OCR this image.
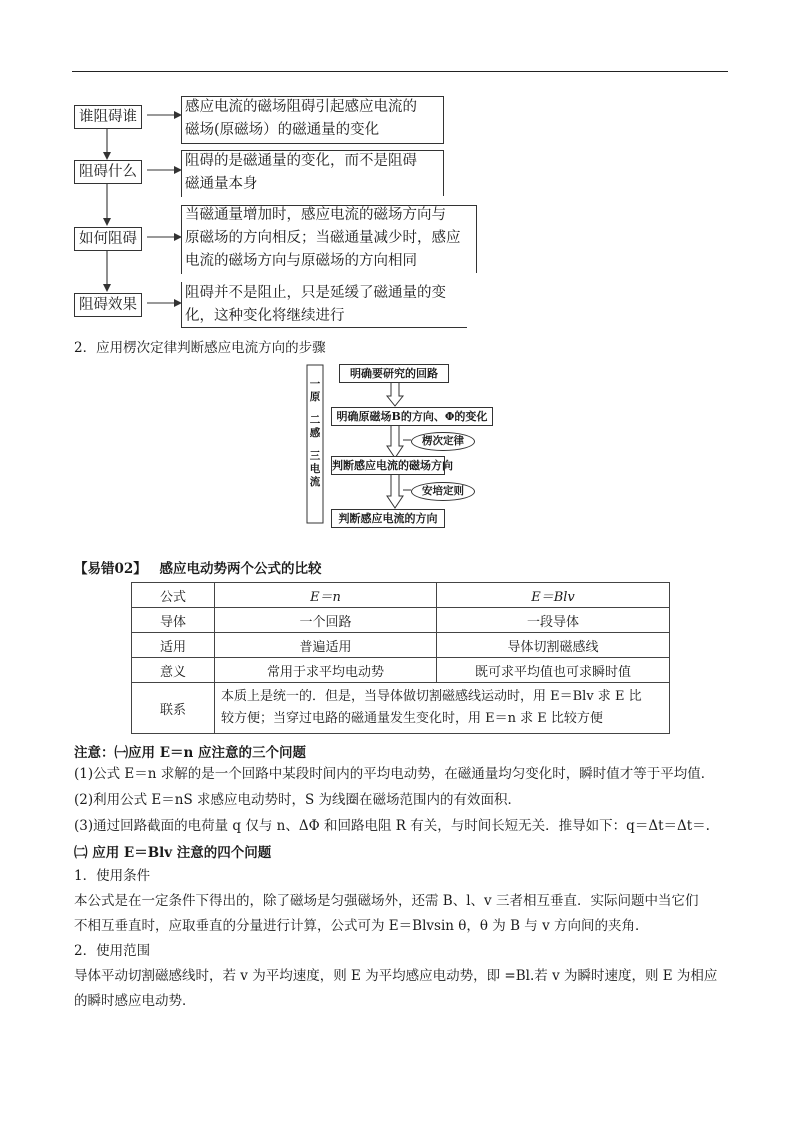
谁阻碍谁
阻碍什么
如何阻碍
阻碍效果
感应电流的磁场阻碍引起感应电流的
磁场(原磁场）的磁通量的变化
阻碍的是磁通量的变化，而不是阻碍
磁通量本身
当磁通量增加时，感应电流的磁场方向与
原磁场的方向相反；当磁通量减少时，感应
电流的磁场方向与原磁场的方向相同
阻碍并不是阻止，只是延缓了磁通量的变
化，这种变化将继续进行
2．应用楞次定律判断感应电流方向的步骤
明确要研究的回路
明确原磁场B的方向、Φ的变化
楞次定律
判断感应电流的磁场方向
安培定则
判断感应电流的方向
一
原
二
感
三
电
流
【易错02】 感应电动势两个公式的比较
公式	E＝n	E＝Blv
导体	一个回路	一段导体
适用	普遍适用	导体切割磁感线
意义	常用于求平均电动势	既可求平均值也可求瞬时值
联系	本质上是统一的．但是，当导体做切割磁感线运动时，用 E＝Blv 求 E 比
较方便；当穿过电路的磁通量发生变化时，用 E＝n 求 E 比较方便	
注意：㈠应用 E＝n 应注意的三个问题
(1)公式 E＝n 求解的是一个回路中某段时间内的平均电动势，在磁通量均匀变化时，瞬时值才等于平均值．
(2)利用公式 E＝nS 求感应电动势时，S 为线圈在磁场范围内的有效面积．
(3)通过回路截面的电荷量 q 仅与 n、ΔΦ 和回路电阻 R 有关，与时间长短无关．推导如下：q＝Δt＝Δt＝.
㈡ 应用 E＝Blv 注意的四个问题
1．使用条件
本公式是在一定条件下得出的，除了磁场是匀强磁场外，还需 B、l、v 三者相互垂直．实际问题中当它们
不相互垂直时，应取垂直的分量进行计算，公式可为 E＝Blvsin θ，θ 为 B 与 v 方向间的夹角．
2．使用范围
导体平动切割磁感线时，若 v 为平均速度，则 E 为平均感应电动势，即 =Bl.若 v 为瞬时速度，则 E 为相应
的瞬时感应电动势．
